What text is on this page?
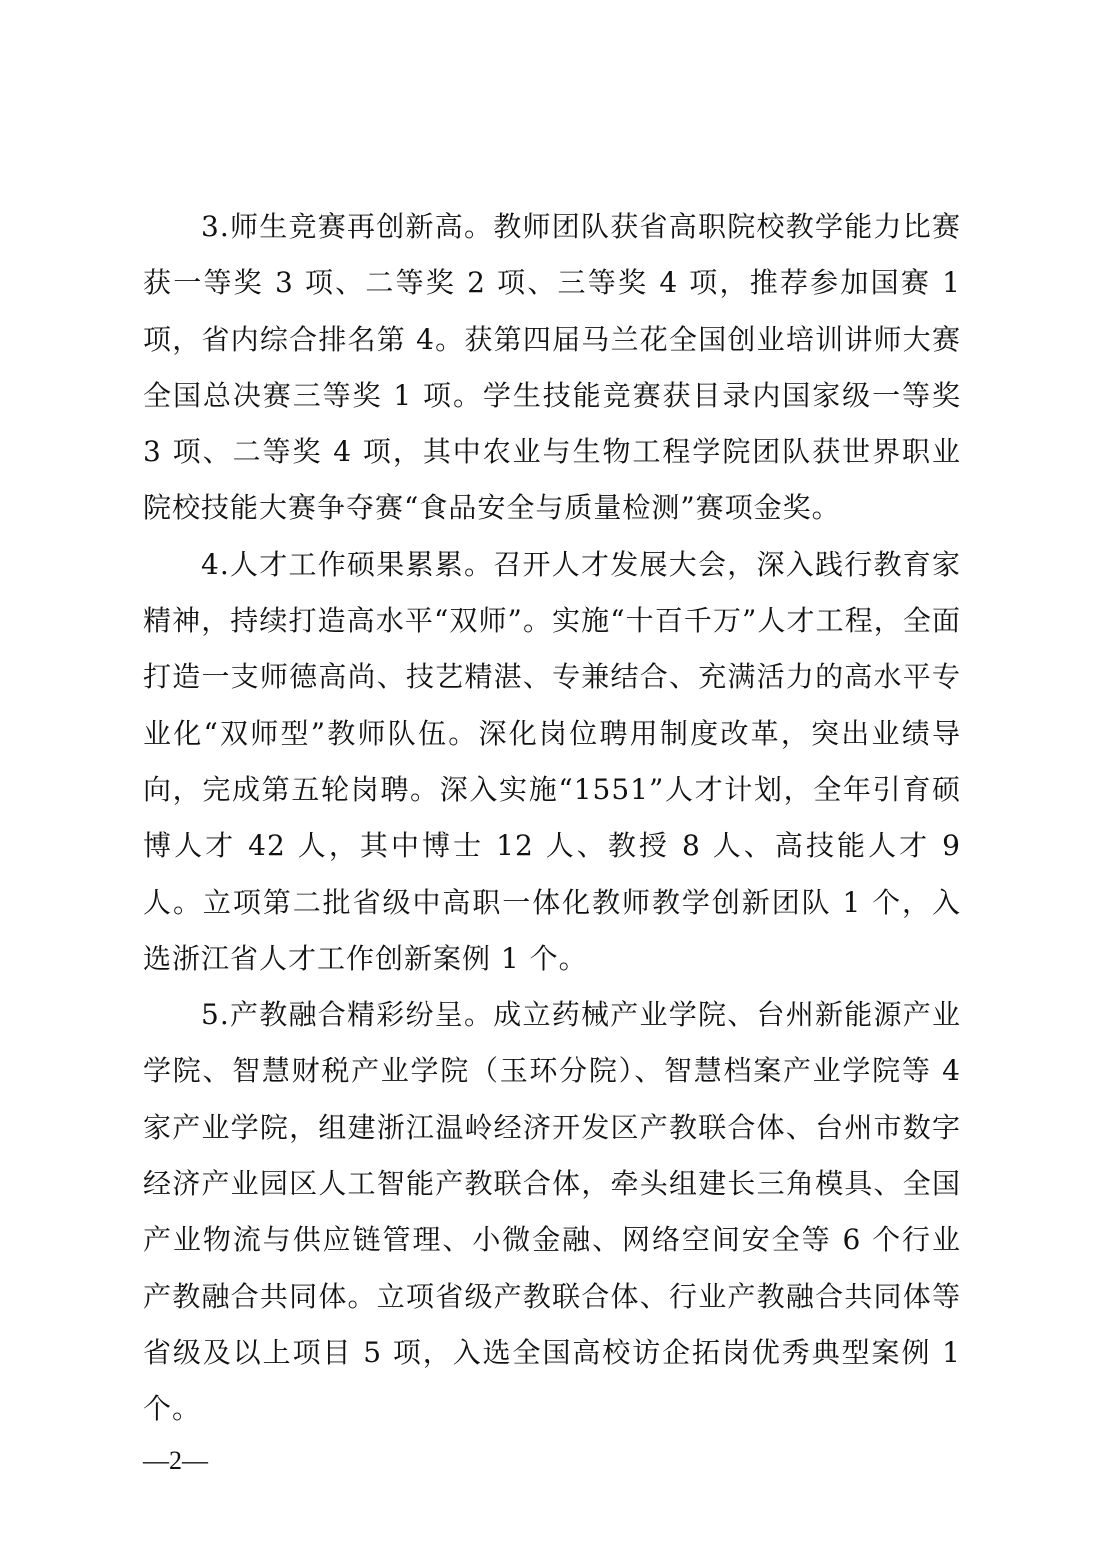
3.师生竞赛再创新高。教师团队获省高职院校教学能力比赛获一等奖 3 项、二等奖 2 项、三等奖 4 项，推荐参加国赛 1 项，省内综合排名第 4。获第四届马兰花全国创业培训讲师大赛全国总决赛三等奖 1 项。学生技能竞赛获目录内国家级一等奖 3 项、二等奖 4 项，其中农业与生物工程学院团队获世界职业院校技能大赛争夺赛“食品安全与质量检测”赛项金奖。

4.人才工作硕果累累。召开人才发展大会，深入践行教育家精神，持续打造高水平“双师”。实施“十百千万”人才工程，全面打造一支师德高尚、技艺精湛、专兼结合、充满活力的高水平专业化“双师型”教师队伍。深化岗位聘用制度改革，突出业绩导向，完成第五轮岗聘。深入实施“1551”人才计划，全年引育硕博人才 42 人，其中博士 12 人、教授 8 人、高技能人才 9 人。立项第二批省级中高职一体化教师教学创新团队 1 个，入选浙江省人才工作创新案例 1 个。

5.产教融合精彩纷呈。成立药械产业学院、台州新能源产业学院、智慧财税产业学院（玉环分院）、智慧档案产业学院等 4 家产业学院，组建浙江温岭经济开发区产教联合体、台州市数字经济产业园区人工智能产教联合体，牵头组建长三角模具、全国产业物流与供应链管理、小微金融、网络空间安全等 6 个行业产教融合共同体。立项省级产教联合体、行业产教融合共同体等省级及以上项目 5 项，入选全国高校访企拓岗优秀典型案例 1 个。

—2—
